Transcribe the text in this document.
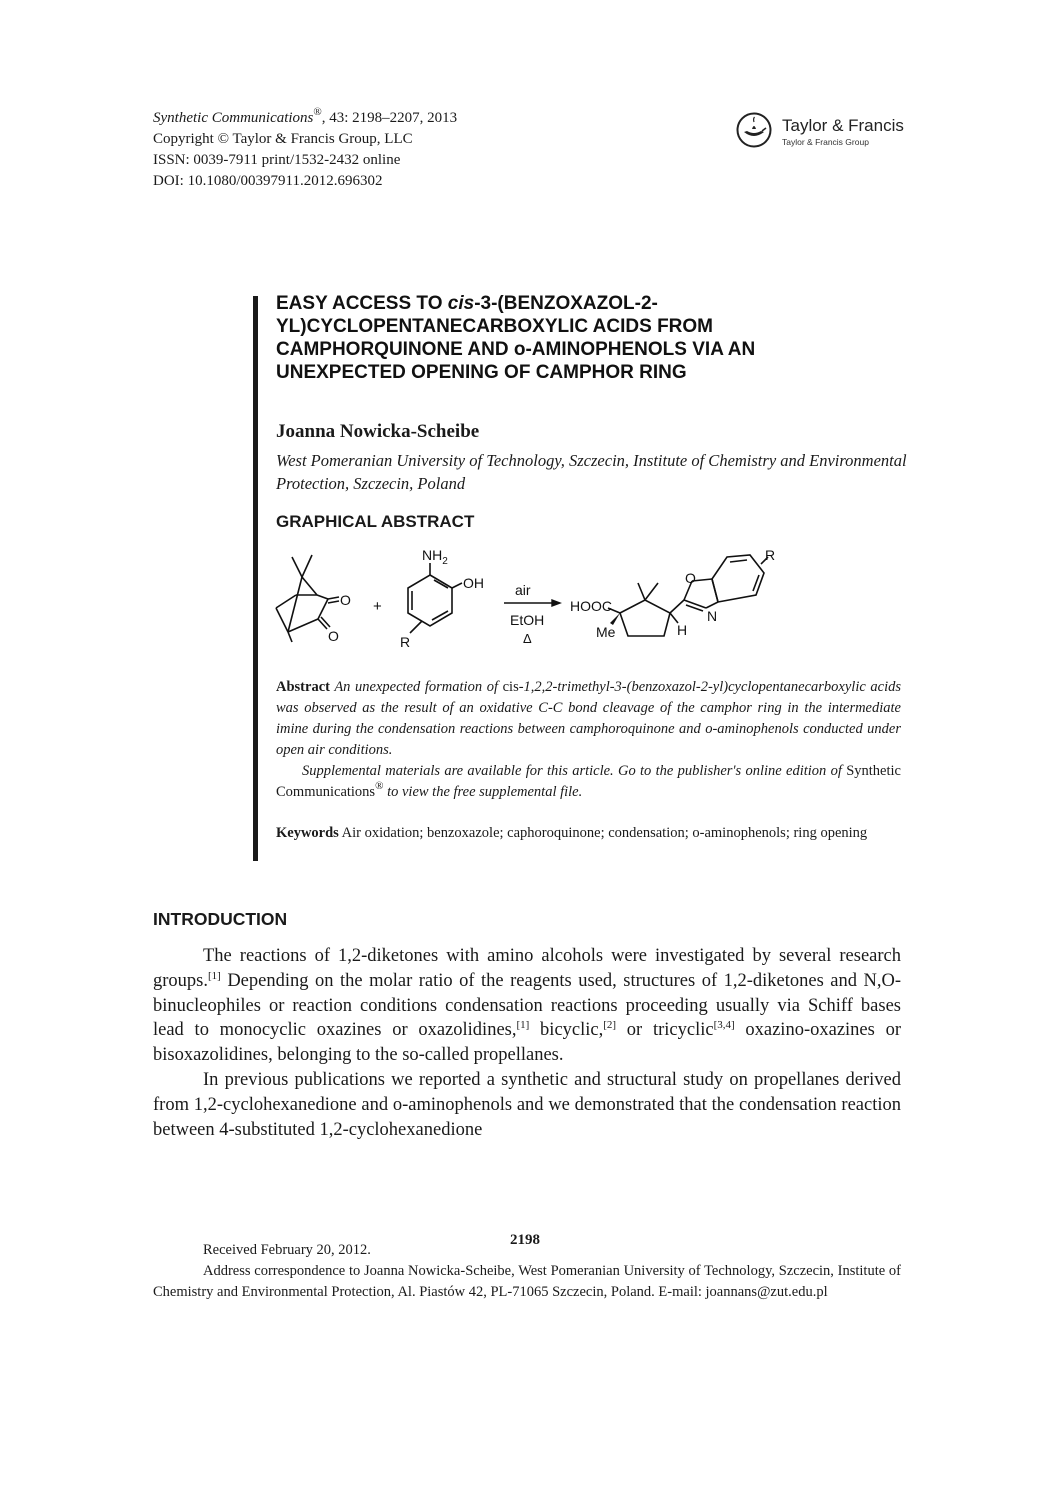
Synthetic Communications®, 43: 2198–2207, 2013
Copyright © Taylor & Francis Group, LLC
ISSN: 0039-7911 print/1532-2432 online
DOI: 10.1080/00397911.2012.696302
Taylor & Francis
Taylor & Francis Group
EASY ACCESS TO cis-3-(BENZOXAZOL-2-
YL)CYCLOPENTANECARBOXYLIC ACIDS FROM
CAMPHORQUINONE AND o-AMINOPHENOLS VIA AN
UNEXPECTED OPENING OF CAMPHOR RING
Joanna Nowicka-Scheibe
West Pomeranian University of Technology, Szczecin, Institute of Chemistry and Environmental Protection, Szczecin, Poland
GRAPHICAL ABSTRACT
O
O
+
$NH_2$
OH
R
air
EtOH
Δ
HOOC
Me	H
O
N
R
Abstract An unexpected formation of cis-1,2,2-trimethyl-3-(benzoxazol-2-yl)cyclopentanecarboxylic acids was observed as the result of an oxidative C-C bond cleavage of the camphor ring in the intermediate imine during the condensation reactions between camphoroquinone and o-aminophenols conducted under open air conditions.
Supplemental materials are available for this article. Go to the publisher's online edition of Synthetic Communications® to view the free supplemental file.
Keywords Air oxidation; benzoxazole; caphoroquinone; condensation; o-aminophenols; ring opening
INTRODUCTION

The reactions of 1,2-diketones with amino alcohols were investigated by several research groups.[1] Depending on the molar ratio of the reagents used, structures of 1,2-diketones and N,O-binucleophiles or reaction conditions condensation reactions proceeding usually via Schiff bases lead to monocyclic oxazines or oxazolidines,[1] bicyclic,[2] or tricyclic[3,4] oxazino-oxazines or bisoxazolidines, belonging to the so-called propellanes.

In previous publications we reported a synthetic and structural study on propellanes derived from 1,2-cyclohexanedione and o-aminophenols and we demonstrated that the condensation reaction between 4-substituted 1,2-cyclohexanedione

Received February 20, 2012.

Address correspondence to Joanna Nowicka-Scheibe, West Pomeranian University of Technology, Szczecin, Institute of Chemistry and Environmental Protection, Al. Piastów 42, PL-71065 Szczecin, Poland. E-mail: joannans@zut.edu.pl

2198
